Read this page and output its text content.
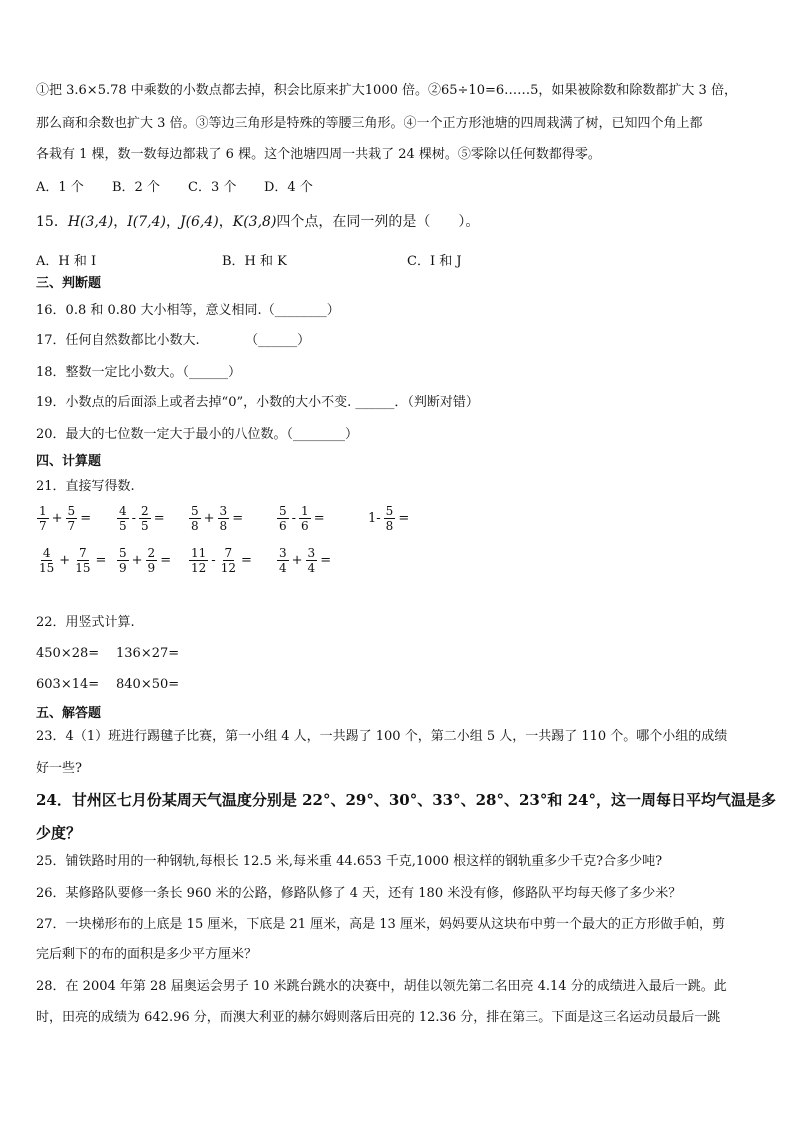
①把 3.6×5.78 中乘数的小数点都去掉，积会比原来扩大1000 倍。②65÷10=6……5，如果被除数和除数都扩大 3 倍，
那么商和余数也扩大 3 倍。③等边三角形是特殊的等腰三角形。④一个正方形池塘的四周栽满了树，已知四个角上都
各栽有 1 棵，数一数每边都栽了 6 棵。这个池塘四周一共栽了 24 棵树。⑤零除以任何数都得零。
A．1 个 B．2 个 C．3 个 D．4 个
15．H(3,4)，I(7,4)，J(6,4)，K(3,8)四个点，在同一列的是（　　）。
A．H 和 I	B．H 和 K	C．I 和 J
三、判断题
16．0.8 和 0.80 大小相等，意义相同.（________）
17．任何自然数都比小数大.　　　　（______）
18．整数一定比小数大。（______）
19．小数点的后面添上或者去掉“0”，小数的大小不变. ______．（判断对错）
20．最大的七位数一定大于最小的八位数。（________）
四、计算题
21．直接写得数.
$\frac{1}{7} + \frac{5}{7} = \frac{4}{5} - \frac{2}{5} = \frac{5}{8} + \frac{3}{8}$ =	$\frac{5}{6} - \frac{1}{6}$ =	$1- \frac{5}{8}$ =
$\frac{4}{15} + \frac{7}{15} = \frac{5}{9} + \frac{2}{9} = \frac{11}{12} - \frac{7}{12} = \frac{3}{4} + \frac{3}{4}$ =
22．用竖式计算.
450×28= 136×27=
603×14= 840×50=
五、解答题
23．4（1）班进行踢毽子比赛，第一小组 4 人，一共踢了 100 个，第二小组 5 人，一共踢了 110 个。哪个小组的成绩
好一些?
24．甘州区七月份某周天气温度分别是 22°、29°、30°、33°、28°、23°和 24°，这一周每日平均气温是多
少度？
25．铺铁路时用的一种钢轨,每根长 12.5 米,每米重 44.653 千克,1000 根这样的钢轨重多少千克?合多少吨?
26．某修路队要修一条长 960 米的公路，修路队修了 4 天，还有 180 米没有修，修路队平均每天修了多少米？
27．一块梯形布的上底是 15 厘米，下底是 21 厘米，高是 13 厘米，妈妈要从这块布中剪一个最大的正方形做手帕，剪
完后剩下的布的面积是多少平方厘米？
28．在 2004 年第 28 届奥运会男子 10 米跳台跳水的决赛中，胡佳以领先第二名田亮 4.14 分的成绩进入最后一跳。此
时，田亮的成绩为 642.96 分，而澳大利亚的赫尔姆则落后田亮的 12.36 分，排在第三。下面是这三名运动员最后一跳
